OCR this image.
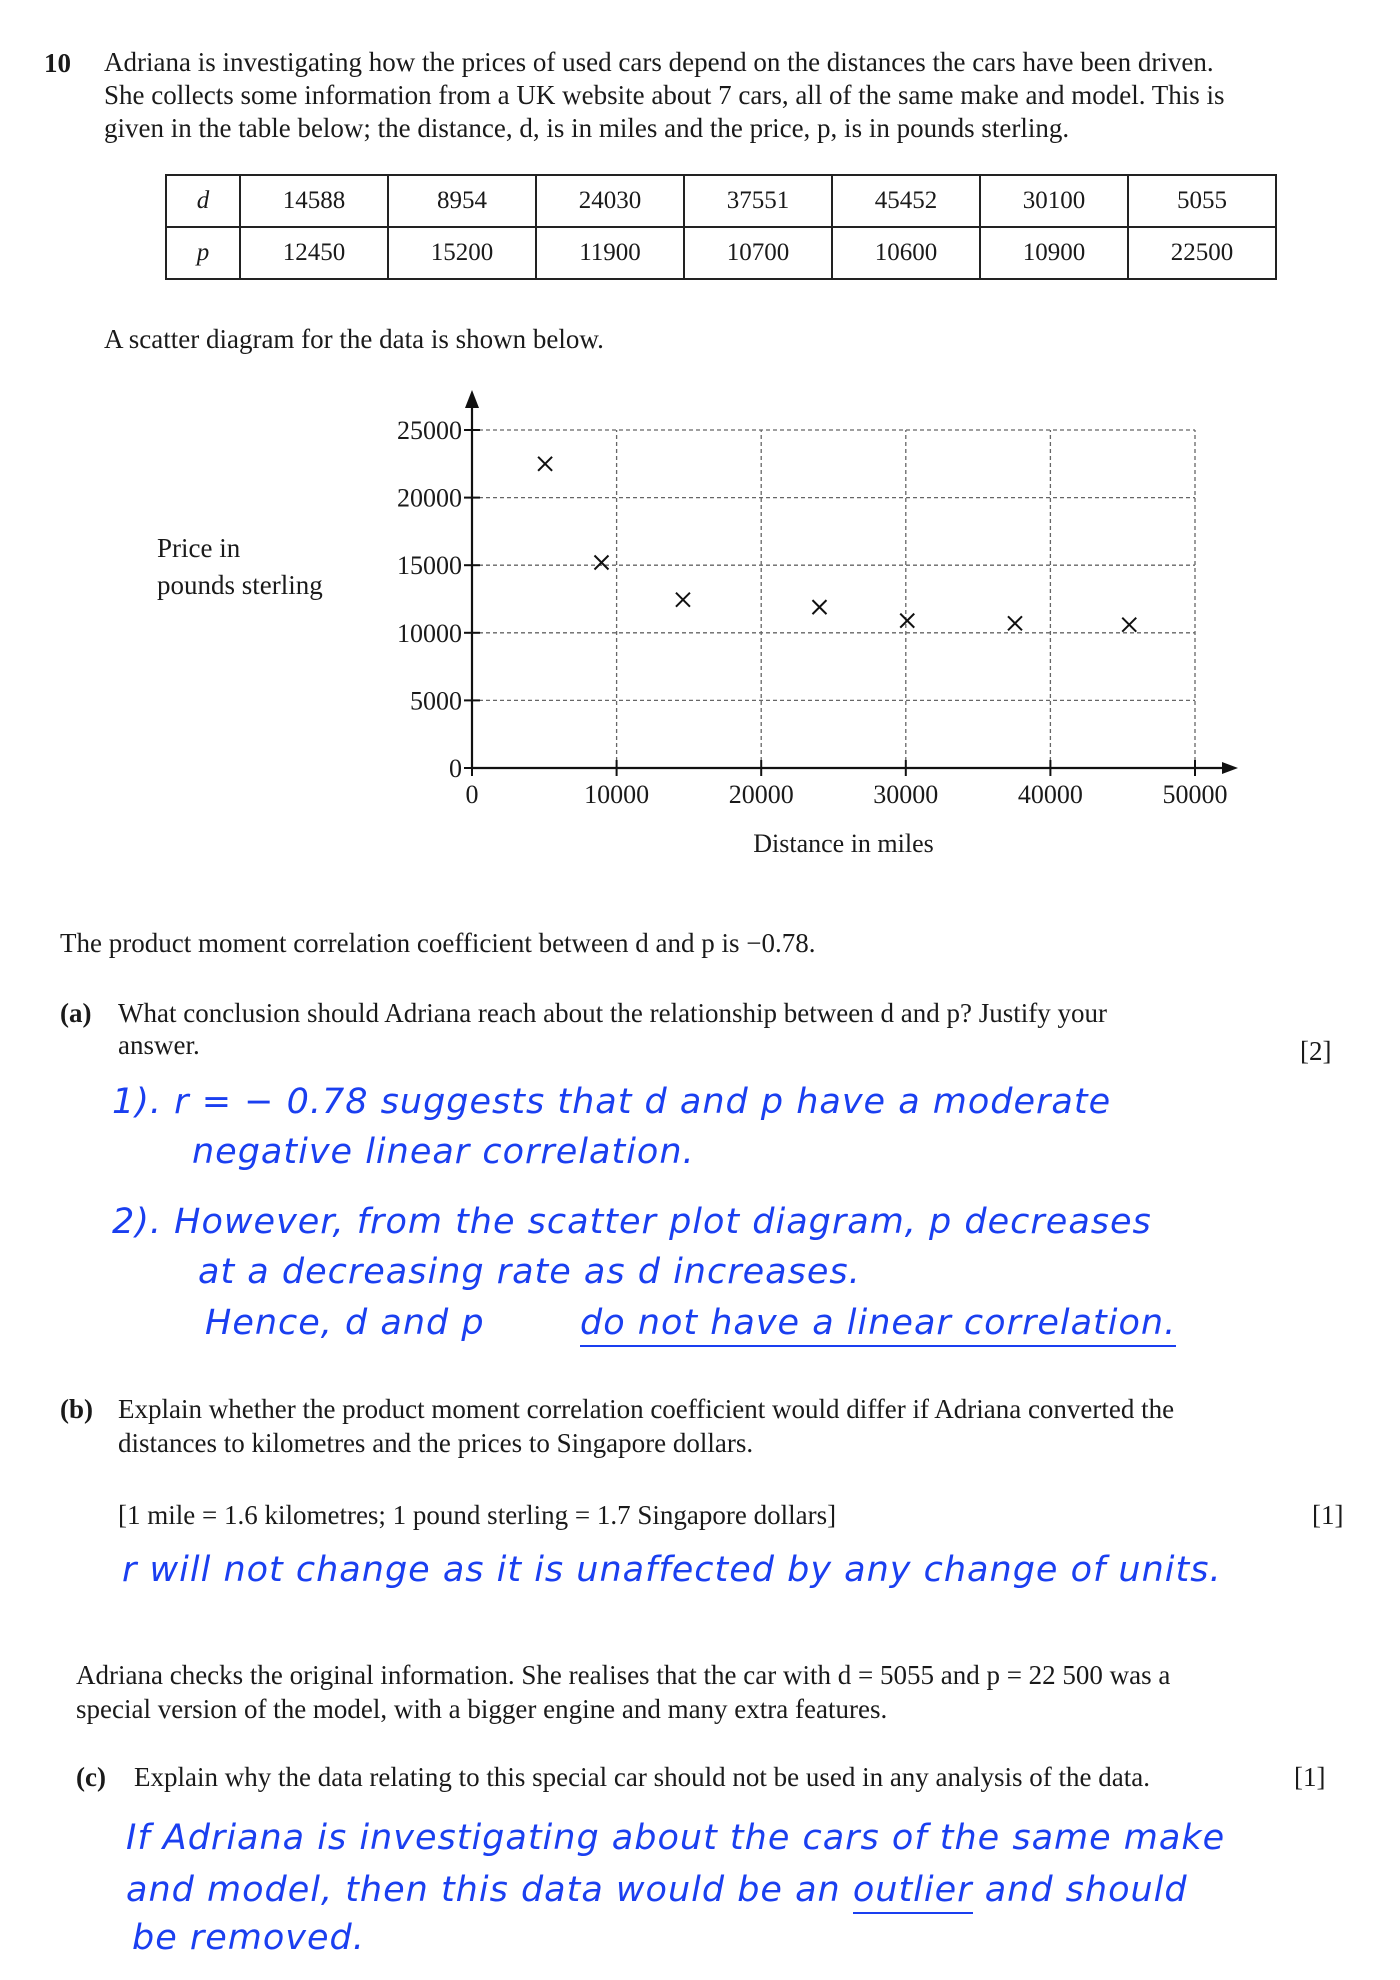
10 Adriana is investigating how the prices of used cars depend on the distances the cars have been driven.
She collects some information from a UK website about 7 cars, all of the same make and model. This is
given in the table below; the distance, d, is in miles and the price, p, is in pounds sterling.
d	14588	8954	24030	37551	45452	30100	5055
p	12450	15200	11900	10700	10600	10900	22500
A scatter diagram for the data is shown below.
Price in
pounds sterling
0
5000
10000
15000
20000
25000
0	10000	20000	30000	40000	50000
Distance in miles
The product moment correlation coefficient between d and p is −0.78.
(a) What conclusion should Adriana reach about the relationship between d and p? Justify your
answer.	[2]
1). r = − 0.78 suggests that d and p have a moderate
negative linear correlation.
2). However, from the scatter plot diagram, p decreases
at a decreasing rate as d increases.
Hence, d and p	do not have a linear correlation.
(b) Explain whether the product moment correlation coefficient would differ if Adriana converted the
distances to kilometres and the prices to Singapore dollars.
[1 mile = 1.6 kilometres; 1 pound sterling = 1.7 Singapore dollars]	[1]
r will not change as it is unaffected by any change of units.
Adriana checks the original information. She realises that the car with d = 5055 and p = 22 500 was a
special version of the model, with a bigger engine and many extra features.
(c) Explain why the data relating to this special car should not be used in any analysis of the data.	[1]
If Adriana is investigating about the cars of the same make
and model, then this data would be an outlier and should
be removed.
